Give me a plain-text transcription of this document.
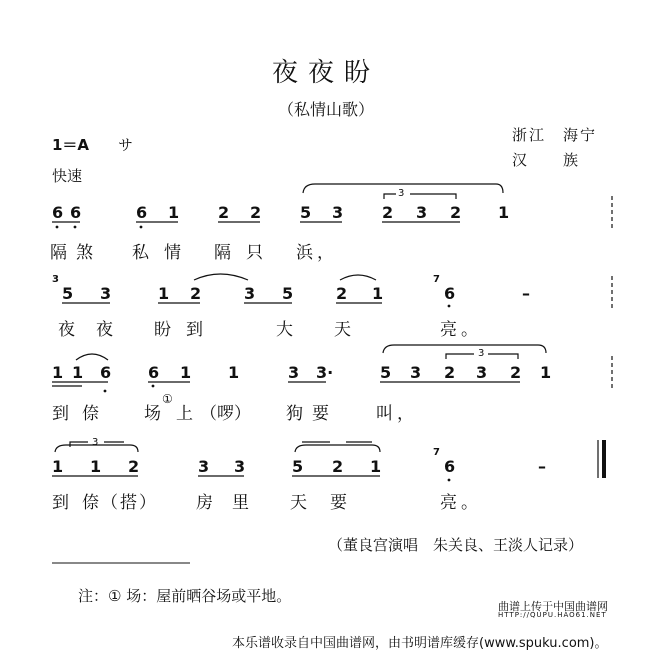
夜夜盼
（私情山歌）
1＝A サ
快速
浙江　海宁
汉　　族
6 6	6 1 2 2 5 3 2 3 2 1
3
隔 煞 私 情 隔 只 浜，
3
5 3	1 2	3 5	2 1
7
6	–
夜 夜 盼 到	大 天	亮。
1 1 6 6 1 1	3 3·	5 3 2 3 2 1
3
到 倷 场
①
上 （啰） 狗 要	叫，
1 1 2	3 3	5 2 1
7
6	–
3
到 倷（搭） 房 里 天 要	亮。
（董良宫演唱　朱关良、王淡人记录）
注：① 场：屋前晒谷场或平地。
曲谱上传于中国曲谱网
HTTP://QUPU.HAO61.NET
本乐谱收录自中国曲谱网，由书明谱库缓存(www.spuku.com)。
